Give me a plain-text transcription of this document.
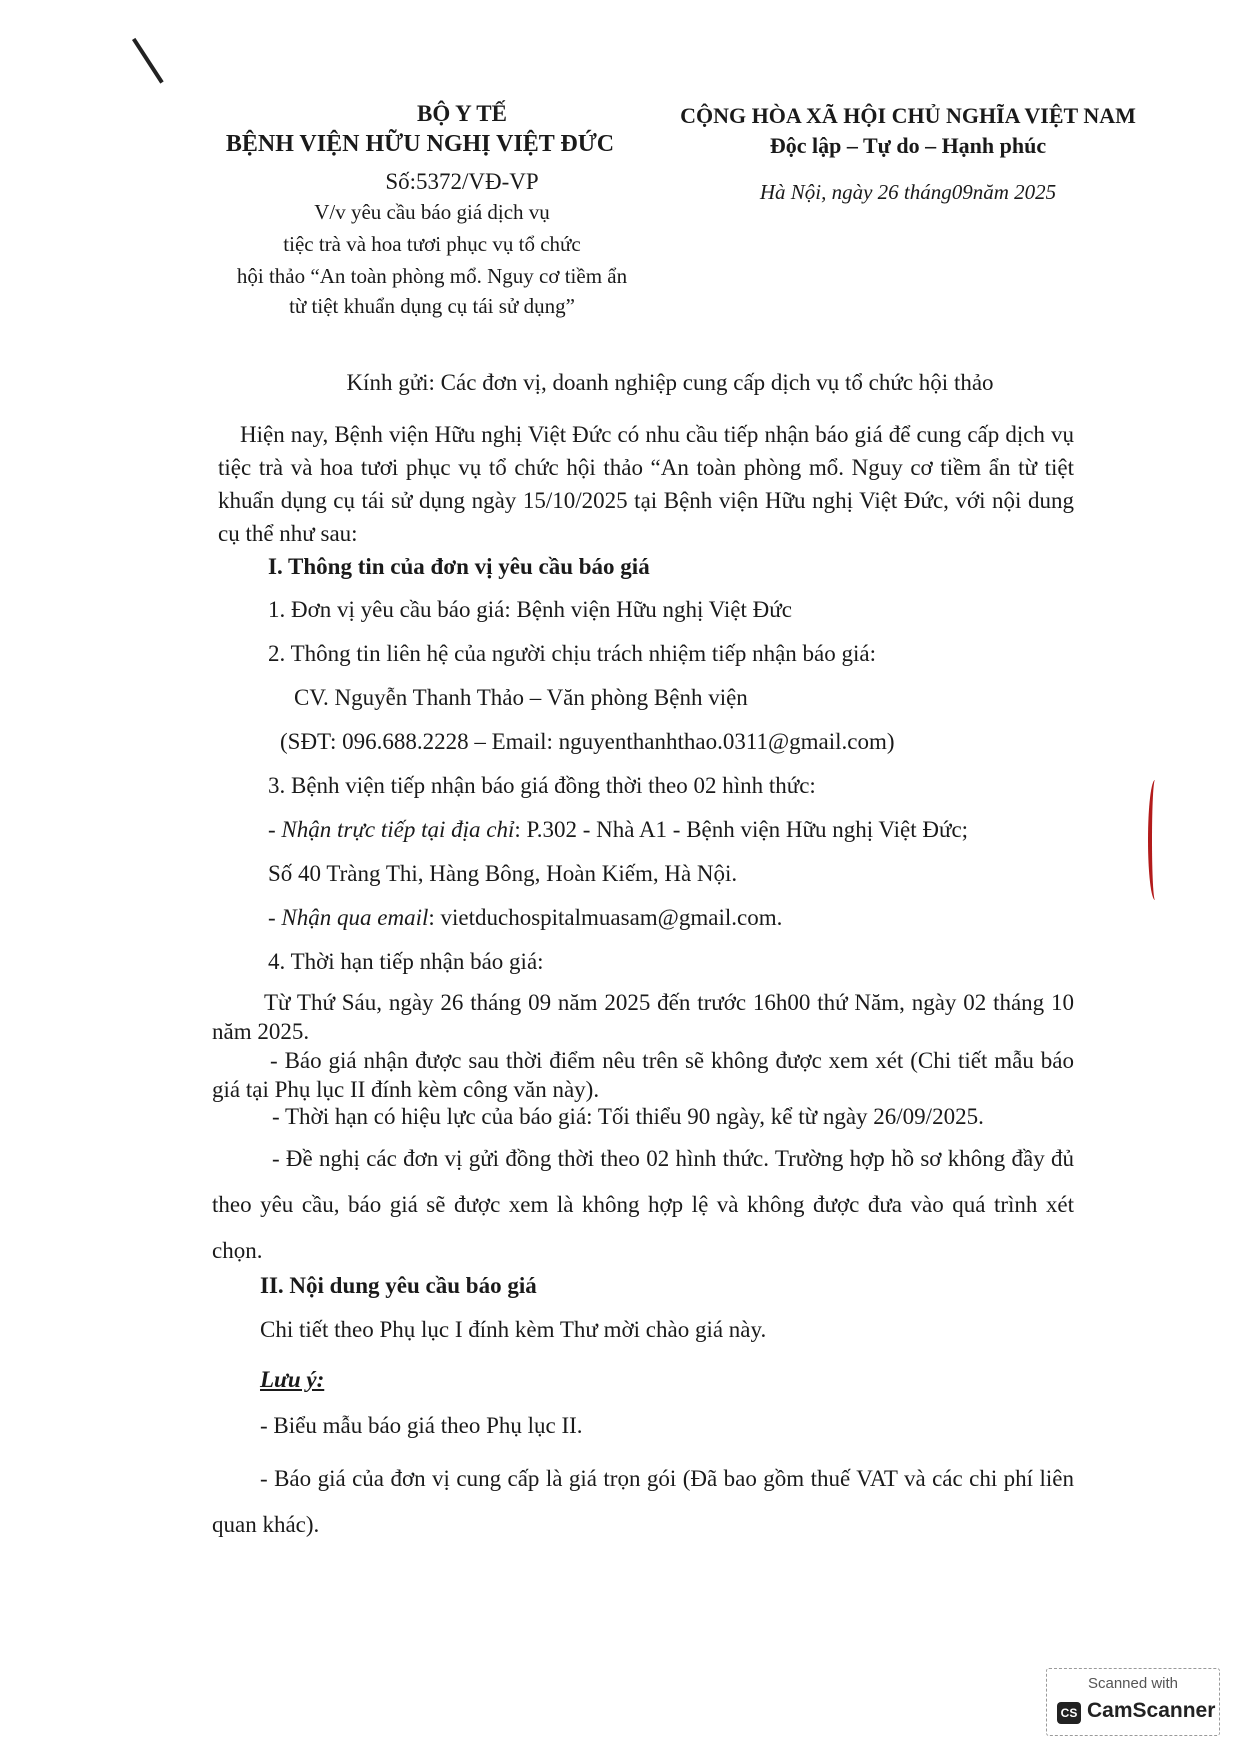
BỘ Y TẾ
BỆNH VIỆN HỮU NGHỊ VIỆT ĐỨC
Số:5372/VĐ-VP
V/v yêu cầu báo giá dịch vụ
tiệc trà và hoa tươi phục vụ tổ chức
hội thảo “An toàn phòng mổ. Nguy cơ tiềm ẩn
từ tiệt khuẩn dụng cụ tái sử dụng”
CỘNG HÒA XÃ HỘI CHỦ NGHĨA VIỆT NAM
Độc lập – Tự do – Hạnh phúc
Hà Nội, ngày 26 tháng09năm 2025
Kính gửi: Các đơn vị, doanh nghiệp cung cấp dịch vụ tổ chức hội thảo
Hiện nay, Bệnh viện Hữu nghị Việt Đức có nhu cầu tiếp nhận báo giá để cung cấp dịch vụ tiệc trà và hoa tươi phục vụ tổ chức hội thảo “An toàn phòng mổ. Nguy cơ tiềm ẩn từ tiệt khuẩn dụng cụ tái sử dụng ngày 15/10/2025 tại Bệnh viện Hữu nghị Việt Đức, với nội dung cụ thể như sau:
I. Thông tin của đơn vị yêu cầu báo giá
1. Đơn vị yêu cầu báo giá: Bệnh viện Hữu nghị Việt Đức
2. Thông tin liên hệ của người chịu trách nhiệm tiếp nhận báo giá:
CV. Nguyễn Thanh Thảo – Văn phòng Bệnh viện
(SĐT: 096.688.2228 – Email: nguyenthanhthao.0311@gmail.com)
3. Bệnh viện tiếp nhận báo giá đồng thời theo 02 hình thức:
- Nhận trực tiếp tại địa chỉ: P.302 - Nhà A1 - Bệnh viện Hữu nghị Việt Đức;
Số 40 Tràng Thi, Hàng Bông, Hoàn Kiếm, Hà Nội.
- Nhận qua email: vietduchospitalmuasam@gmail.com.
4. Thời hạn tiếp nhận báo giá:
Từ Thứ Sáu, ngày 26 tháng 09 năm 2025 đến trước 16h00 thứ Năm, ngày 02 tháng 10 năm 2025.
- Báo giá nhận được sau thời điểm nêu trên sẽ không được xem xét (Chi tiết mẫu báo giá tại Phụ lục II đính kèm công văn này).
- Thời hạn có hiệu lực của báo giá: Tối thiểu 90 ngày, kể từ ngày 26/09/2025.
- Đề nghị các đơn vị gửi đồng thời theo 02 hình thức. Trường hợp hồ sơ không đầy đủ theo yêu cầu, báo giá sẽ được xem là không hợp lệ và không được đưa vào quá trình xét chọn.
II. Nội dung yêu cầu báo giá
Chi tiết theo Phụ lục I đính kèm Thư mời chào giá này.
Lưu ý:
- Biểu mẫu báo giá theo Phụ lục II.
- Báo giá của đơn vị cung cấp là giá trọn gói (Đã bao gồm thuế VAT và các chi phí liên quan khác).
Scanned with
CS CamScanner
